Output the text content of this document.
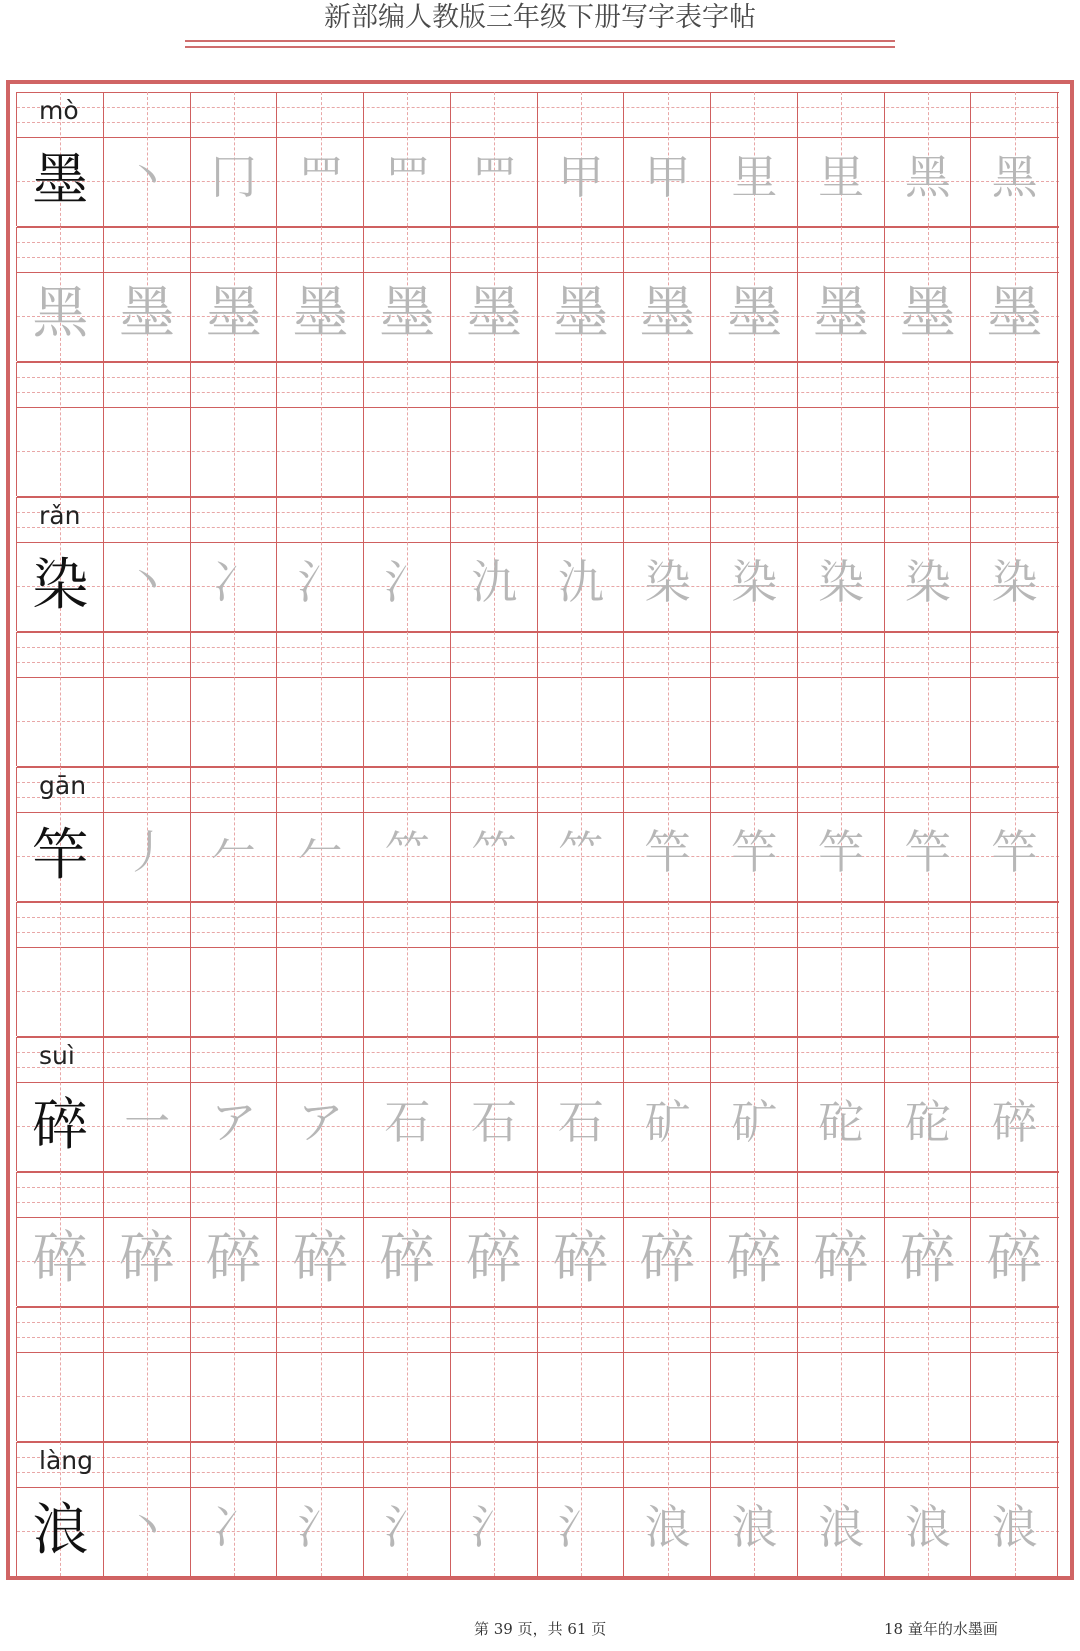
新部编人教版三年级下册写字表字帖
mò
墨 丶 冂 罒 罒 罒 甲 甲 里 里 黑 黑
黑 墨 墨 墨 墨 墨 墨 墨 墨 墨 墨 墨
rǎn
染 丶 冫 氵 氵 氿 氿 染 染 染 染 染
gān
竿 丿 𠂉 𠂉 ⺮ ⺮ ⺮ 竿 竿 竿 竿 竿
suì
碎 一 ア ア 石 石 石 矿 矿 砣 砣 碎
碎 碎 碎 碎 碎 碎 碎 碎 碎 碎 碎 碎
làng
浪 丶 冫 氵 氵 氵 氵 浪 浪 浪 浪 浪
第 39 页，共 61 页	18 童年的水墨画
